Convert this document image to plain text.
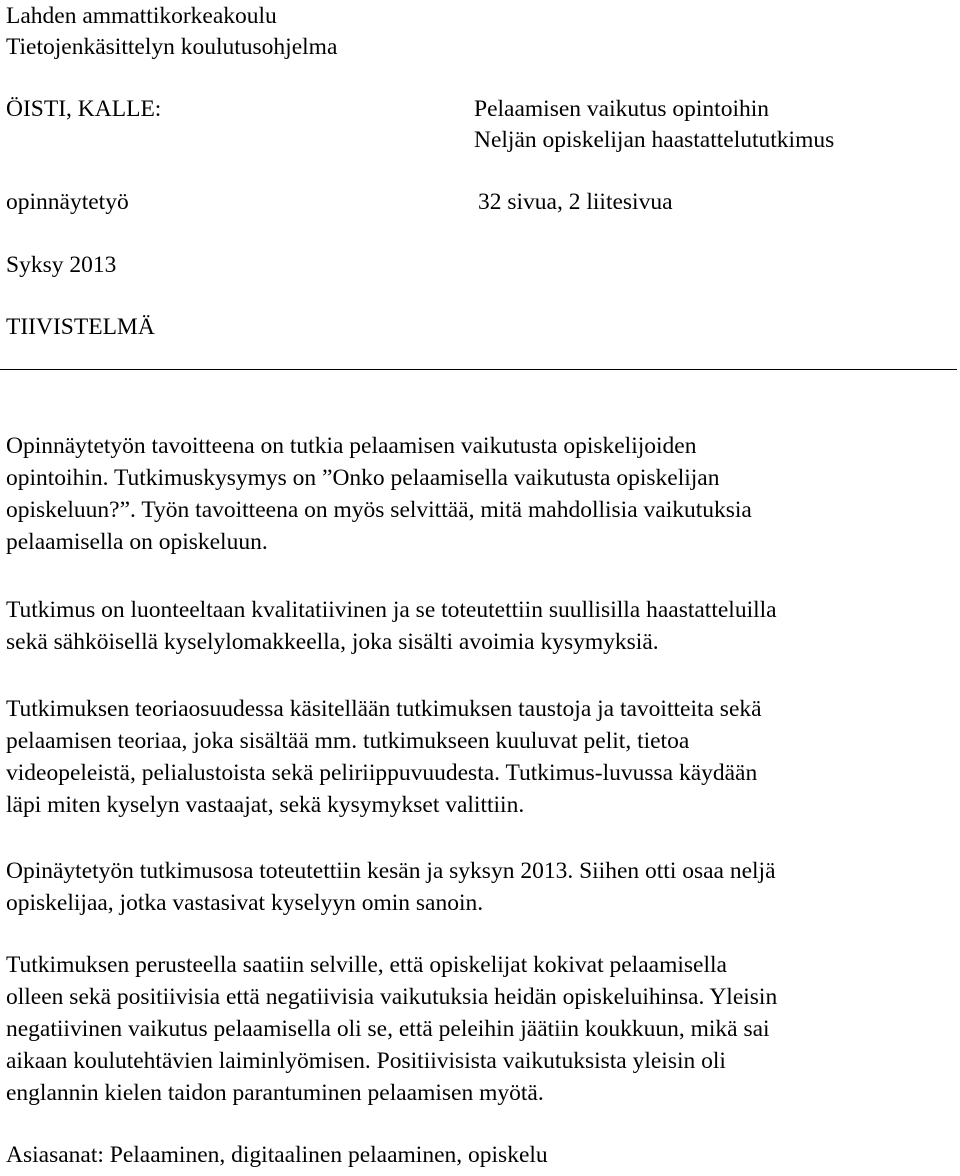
Lahden ammattikorkeakoulu
Tietojenkäsittelyn koulutusohjelma
ÖISTI, KALLE:	Pelaamisen vaikutus opintoihin
Neljän opiskelijan haastattelututkimus
opinnäytetyö	32 sivua, 2 liitesivua
Syksy 2013
TIIVISTELMÄ
Opinnäytetyön tavoitteena on tutkia pelaamisen vaikutusta opiskelijoiden
opintoihin. Tutkimuskysymys on ”Onko pelaamisella vaikutusta opiskelijan
opiskeluun?”. Työn tavoitteena on myös selvittää, mitä mahdollisia vaikutuksia
pelaamisella on opiskeluun.
Tutkimus on luonteeltaan kvalitatiivinen ja se toteutettiin suullisilla haastatteluilla
sekä sähköisellä kyselylomakkeella, joka sisälti avoimia kysymyksiä.
Tutkimuksen teoriaosuudessa käsitellään tutkimuksen taustoja ja tavoitteita sekä
pelaamisen teoriaa, joka sisältää mm. tutkimukseen kuuluvat pelit, tietoa
videopeleistä, pelialustoista sekä peliriippuvuudesta. Tutkimus-luvussa käydään
läpi miten kyselyn vastaajat, sekä kysymykset valittiin.
Opinäytetyön tutkimusosa toteutettiin kesän ja syksyn 2013. Siihen otti osaa neljä
opiskelijaa, jotka vastasivat kyselyyn omin sanoin.
Tutkimuksen perusteella saatiin selville, että opiskelijat kokivat pelaamisella
olleen sekä positiivisia että negatiivisia vaikutuksia heidän opiskeluihinsa. Yleisin
negatiivinen vaikutus pelaamisella oli se, että peleihin jäätiin koukkuun, mikä sai
aikaan koulutehtävien laiminlyömisen. Positiivisista vaikutuksista yleisin oli
englannin kielen taidon parantuminen pelaamisen myötä.
Asiasanat: Pelaaminen, digitaalinen pelaaminen, opiskelu
